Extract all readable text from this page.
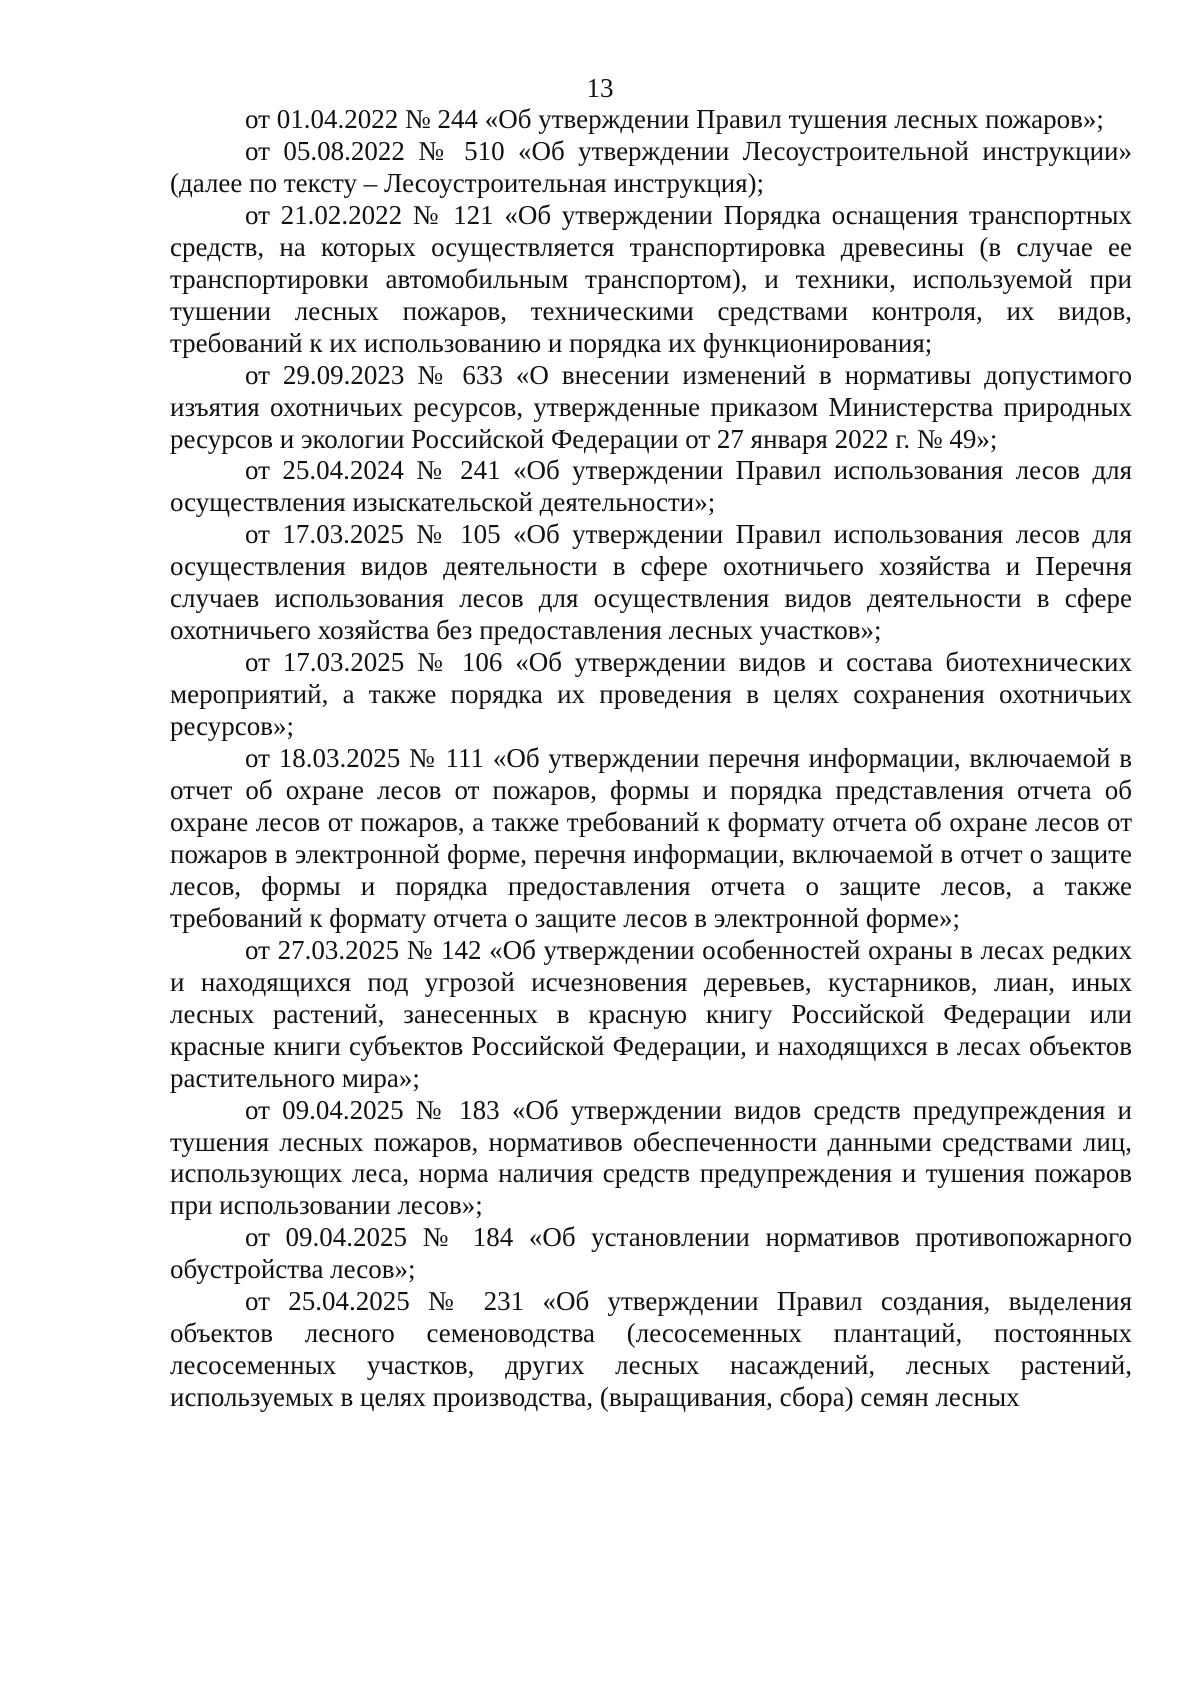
13

от 01.04.2022 № 244 «Об утверждении Правил тушения лесных пожаров»;

от 05.08.2022 № 510 «Об утверждении Лесоустроительной инструкции» (далее по тексту – Лесоустроительная инструкция);

от 21.02.2022 № 121 «Об утверждении Порядка оснащения транспортных средств, на которых осуществляется транспортировка древесины (в случае ее транспортировки автомобильным транспортом), и техники, используемой при тушении лесных пожаров, техническими средствами контроля, их видов, требований к их использованию и порядка их функционирования;

от 29.09.2023 № 633 «О внесении изменений в нормативы допустимого изъятия охотничьих ресурсов, утвержденные приказом Министерства природных ресурсов и экологии Российской Федерации от 27 января 2022 г. № 49»;

от 25.04.2024 № 241 «Об утверждении Правил использования лесов для осуществления изыскательской деятельности»;

от 17.03.2025 № 105 «Об утверждении Правил использования лесов для осуществления видов деятельности в сфере охотничьего хозяйства и Перечня случаев использования лесов для осуществления видов деятельности в сфере охотничьего хозяйства без предоставления лесных участков»;

от 17.03.2025 № 106 «Об утверждении видов и состава биотехнических мероприятий, а также порядка их проведения в целях сохранения охотничьих ресурсов»;

от 18.03.2025 № 111 «Об утверждении перечня информации, включаемой в отчет об охране лесов от пожаров, формы и порядка представления отчета об охране лесов от пожаров, а также требований к формату отчета об охране лесов от пожаров в электронной форме, перечня информации, включаемой в отчет о защите лесов, формы и порядка предоставления отчета о защите лесов, а также требований к формату отчета о защите лесов в электронной форме»;

от 27.03.2025 № 142 «Об утверждении особенностей охраны в лесах редких и находящихся под угрозой исчезновения деревьев, кустарников, лиан, иных лесных растений, занесенных в красную книгу Российской Федерации или красные книги субъектов Российской Федерации, и находящихся в лесах объектов растительного мира»;

от 09.04.2025 № 183 «Об утверждении видов средств предупреждения и тушения лесных пожаров, нормативов обеспеченности данными средствами лиц, использующих леса, норма наличия средств предупреждения и тушения пожаров при использовании лесов»;

от 09.04.2025 № 184 «Об установлении нормативов противопожарного обустройства лесов»;

от 25.04.2025 № 231 «Об утверждении Правил создания, выделения объектов лесного семеноводства (лесосеменных плантаций, постоянных лесосеменных участков, других лесных насаждений, лесных растений, используемых в целях производства, (выращивания, сбора) семян лесных
